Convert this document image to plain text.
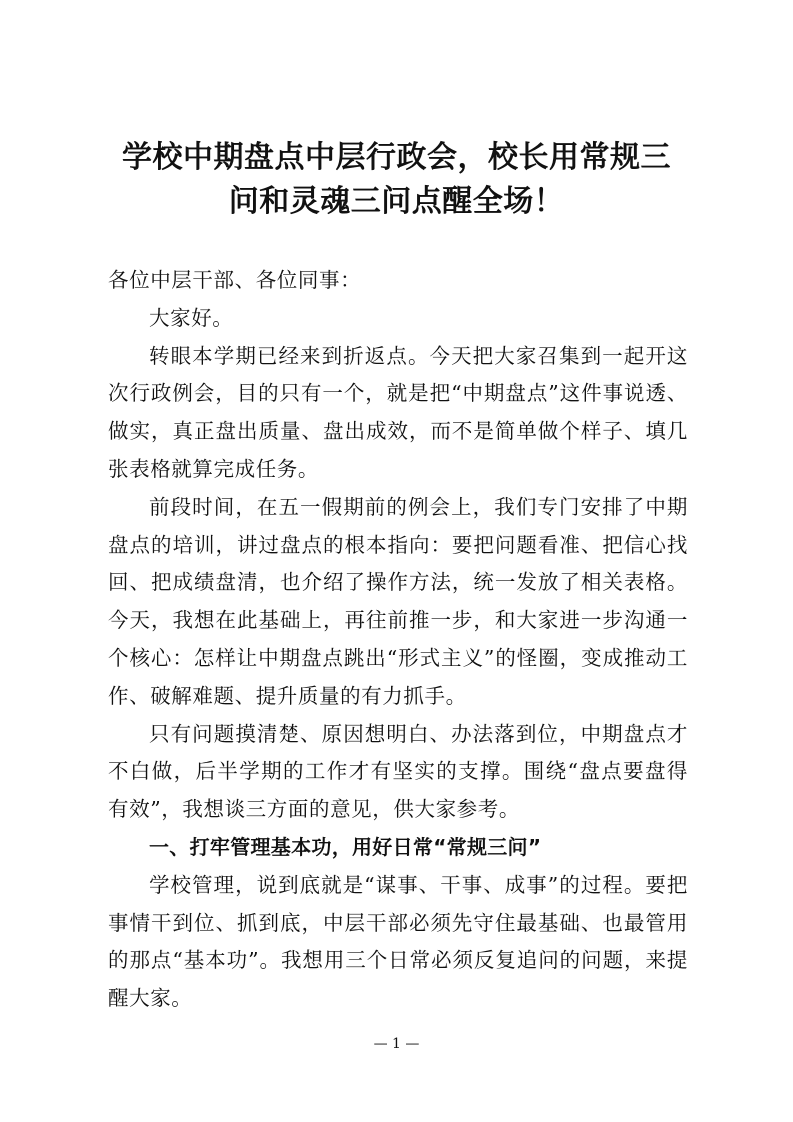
学校中期盘点中层行政会，校长用常规三
问和灵魂三问点醒全场！

各位中层干部、各位同事：

大家好。

转眼本学期已经来到折返点。今天把大家召集到一起开这次行政例会，目的只有一个，就是把“中期盘点”这件事说透、做实，真正盘出质量、盘出成效，而不是简单做个样子、填几张表格就算完成任务。

前段时间，在五一假期前的例会上，我们专门安排了中期盘点的培训，讲过盘点的根本指向：要把问题看准、把信心找回、把成绩盘清，也介绍了操作方法，统一发放了相关表格。今天，我想在此基础上，再往前推一步，和大家进一步沟通一个核心：怎样让中期盘点跳出“形式主义”的怪圈，变成推动工作、破解难题、提升质量的有力抓手。

只有问题摸清楚、原因想明白、办法落到位，中期盘点才不白做，后半学期的工作才有坚实的支撑。围绕“盘点要盘得有效”，我想谈三方面的意见，供大家参考。

一、打牢管理基本功，用好日常“常规三问”

学校管理，说到底就是“谋事、干事、成事”的过程。要把事情干到位、抓到底，中层干部必须先守住最基础、也最管用的那点“基本功”。我想用三个日常必须反复追问的问题，来提醒大家。

— 1 —
